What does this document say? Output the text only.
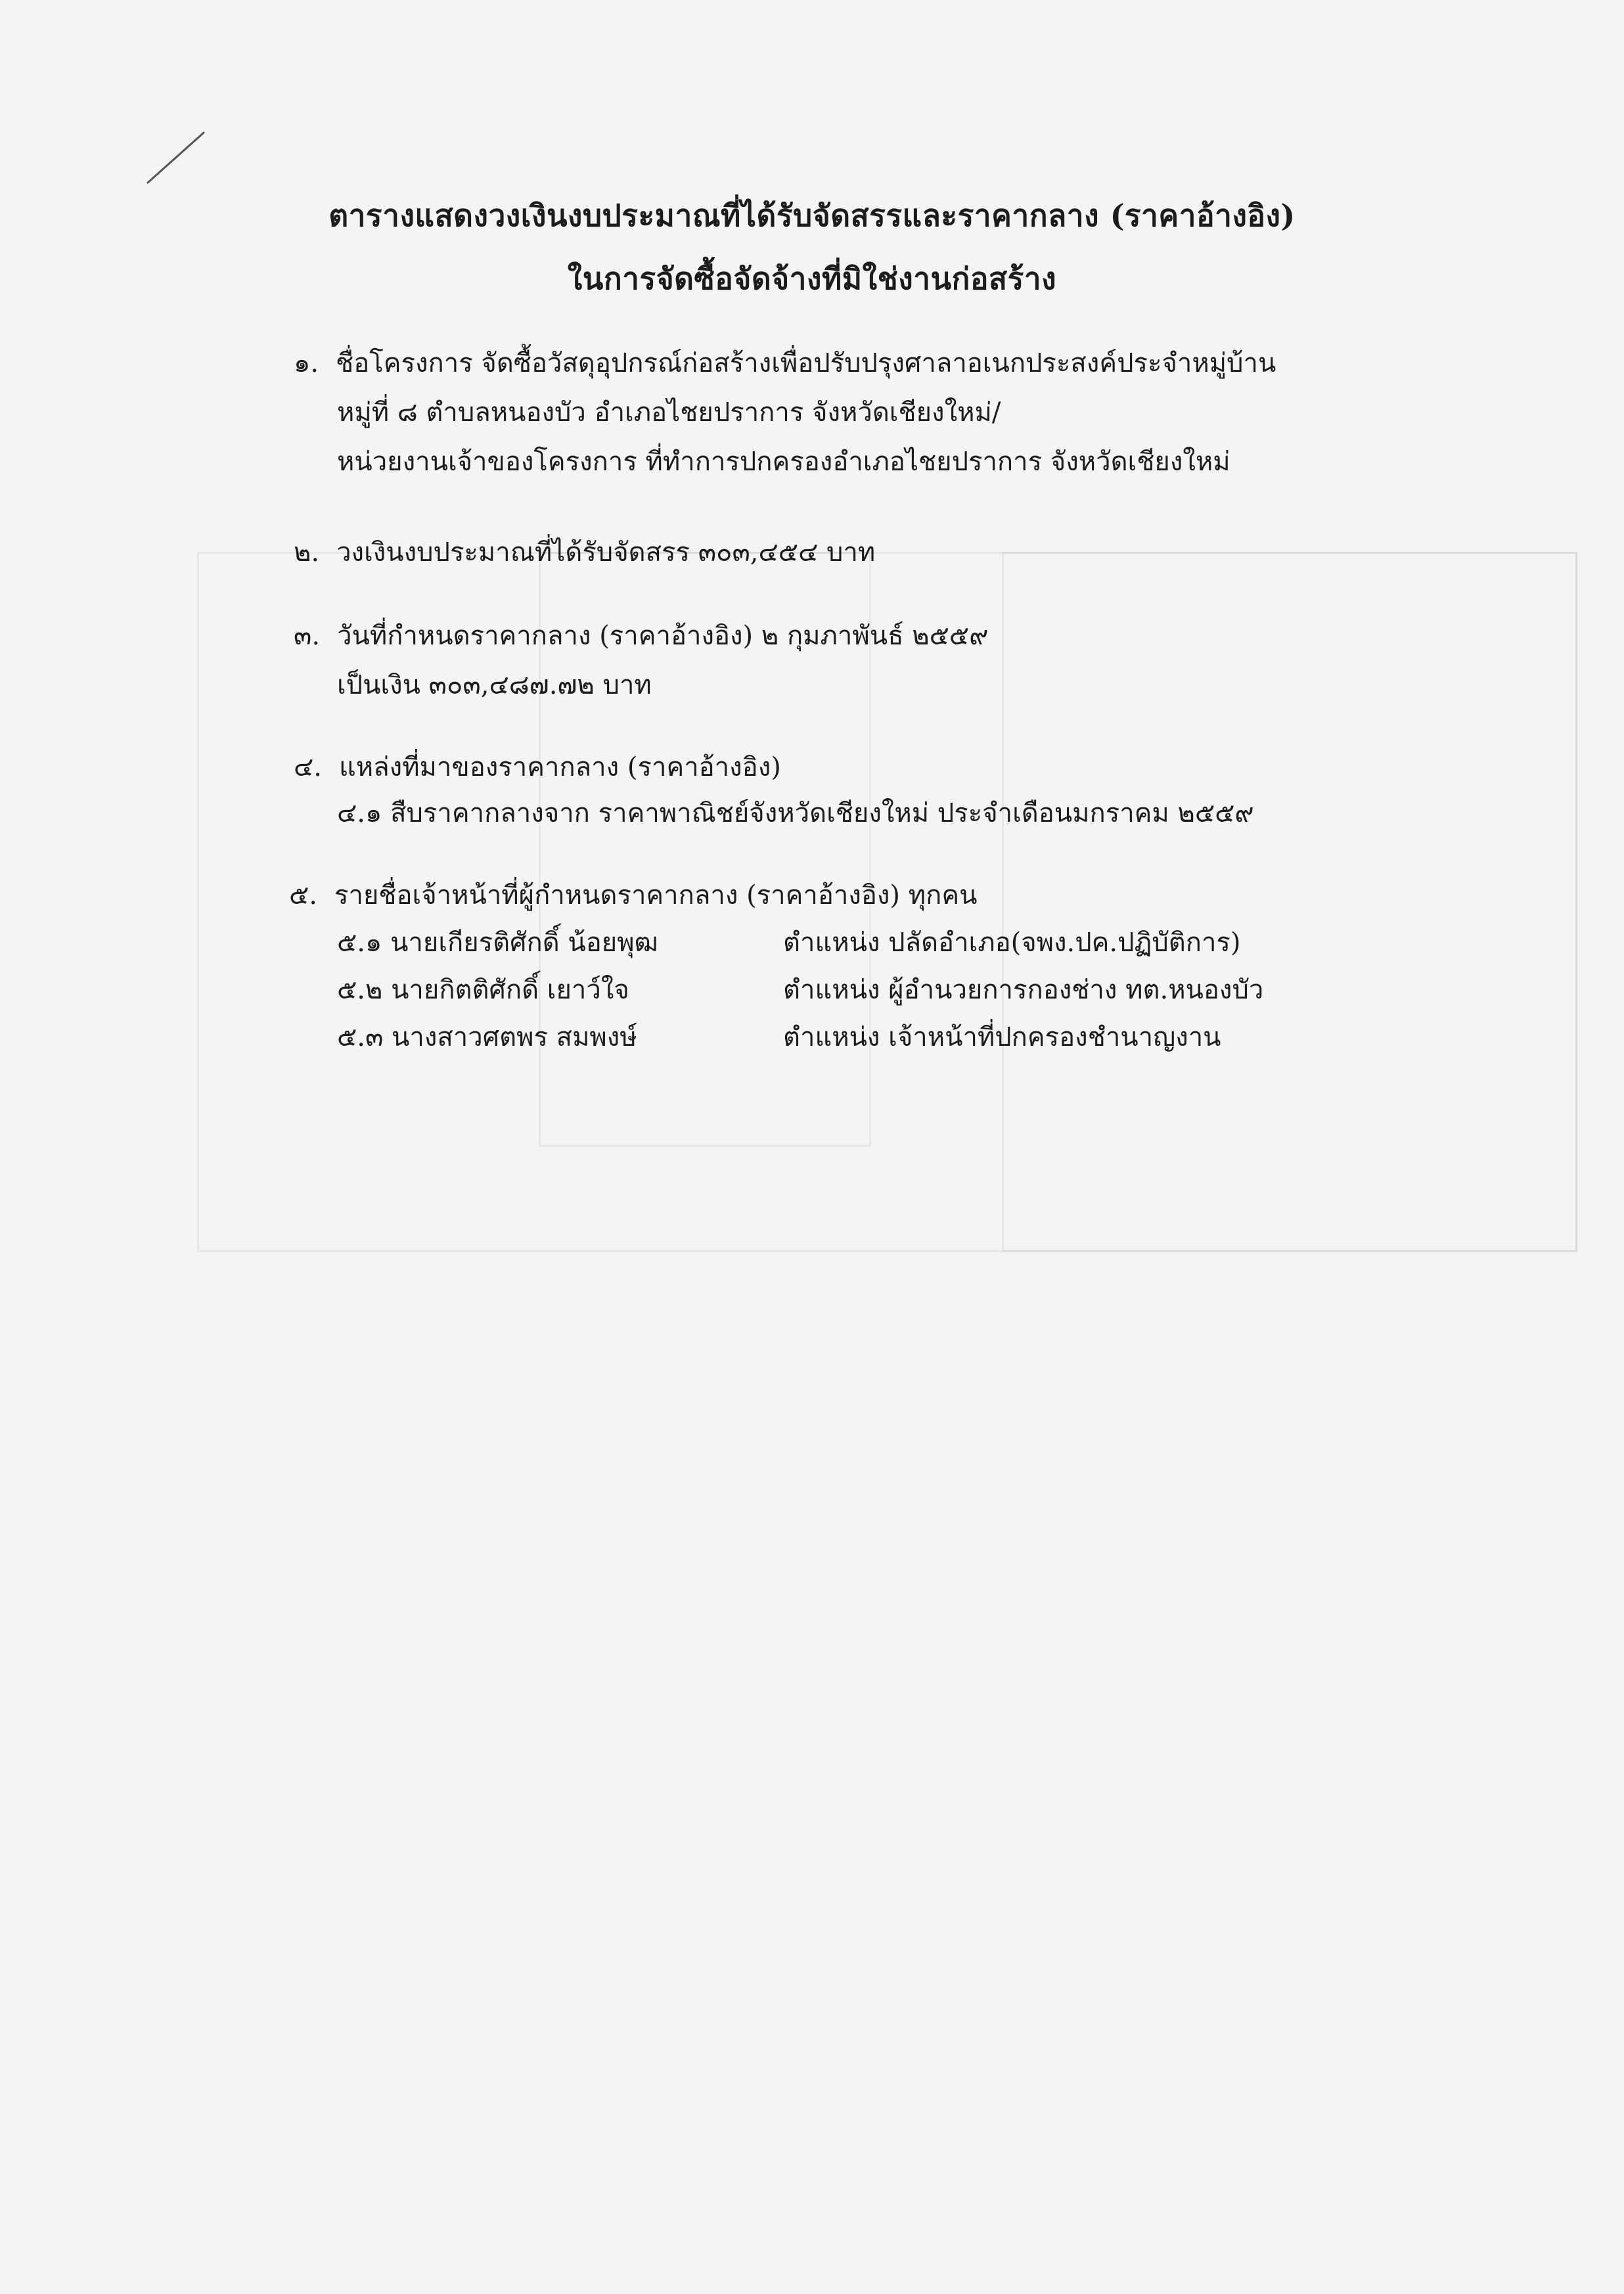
ตารางแสดงวงเงินงบประมาณที่ได้รับจัดสรรและราคากลาง (ราคาอ้างอิง)
ในการจัดซื้อจัดจ้างที่มิใช่งานก่อสร้าง
๑. ชื่อโครงการ จัดซื้อวัสดุอุปกรณ์ก่อสร้างเพื่อปรับปรุงศาลาอเนกประสงค์ประจำหมู่บ้าน
หมู่ที่ ๘ ตำบลหนองบัว อำเภอไชยปราการ จังหวัดเชียงใหม่/
หน่วยงานเจ้าของโครงการ ที่ทำการปกครองอำเภอไชยปราการ จังหวัดเชียงใหม่
๒. วงเงินงบประมาณที่ได้รับจัดสรร ๓๐๓,๔๕๔ บาท
๓. วันที่กำหนดราคากลาง (ราคาอ้างอิง) ๒ กุมภาพันธ์ ๒๕๕๙
เป็นเงิน ๓๐๓,๔๘๗.๗๒ บาท
๔. แหล่งที่มาของราคากลาง (ราคาอ้างอิง)
๔.๑ สืบราคากลางจาก ราคาพาณิชย์จังหวัดเชียงใหม่ ประจำเดือนมกราคม ๒๕๕๙
๕. รายชื่อเจ้าหน้าที่ผู้กำหนดราคากลาง (ราคาอ้างอิง) ทุกคน
๕.๑ นายเกียรติศักดิ์ น้อยพุฒ	ตำแหน่ง ปลัดอำเภอ(จพง.ปค.ปฏิบัติการ)
๕.๒ นายกิตติศักดิ์ เยาว์ใจ	ตำแหน่ง ผู้อำนวยการกองช่าง ทต.หนองบัว
๕.๓ นางสาวศตพร สมพงษ์	ตำแหน่ง เจ้าหน้าที่ปกครองชำนาญงาน
